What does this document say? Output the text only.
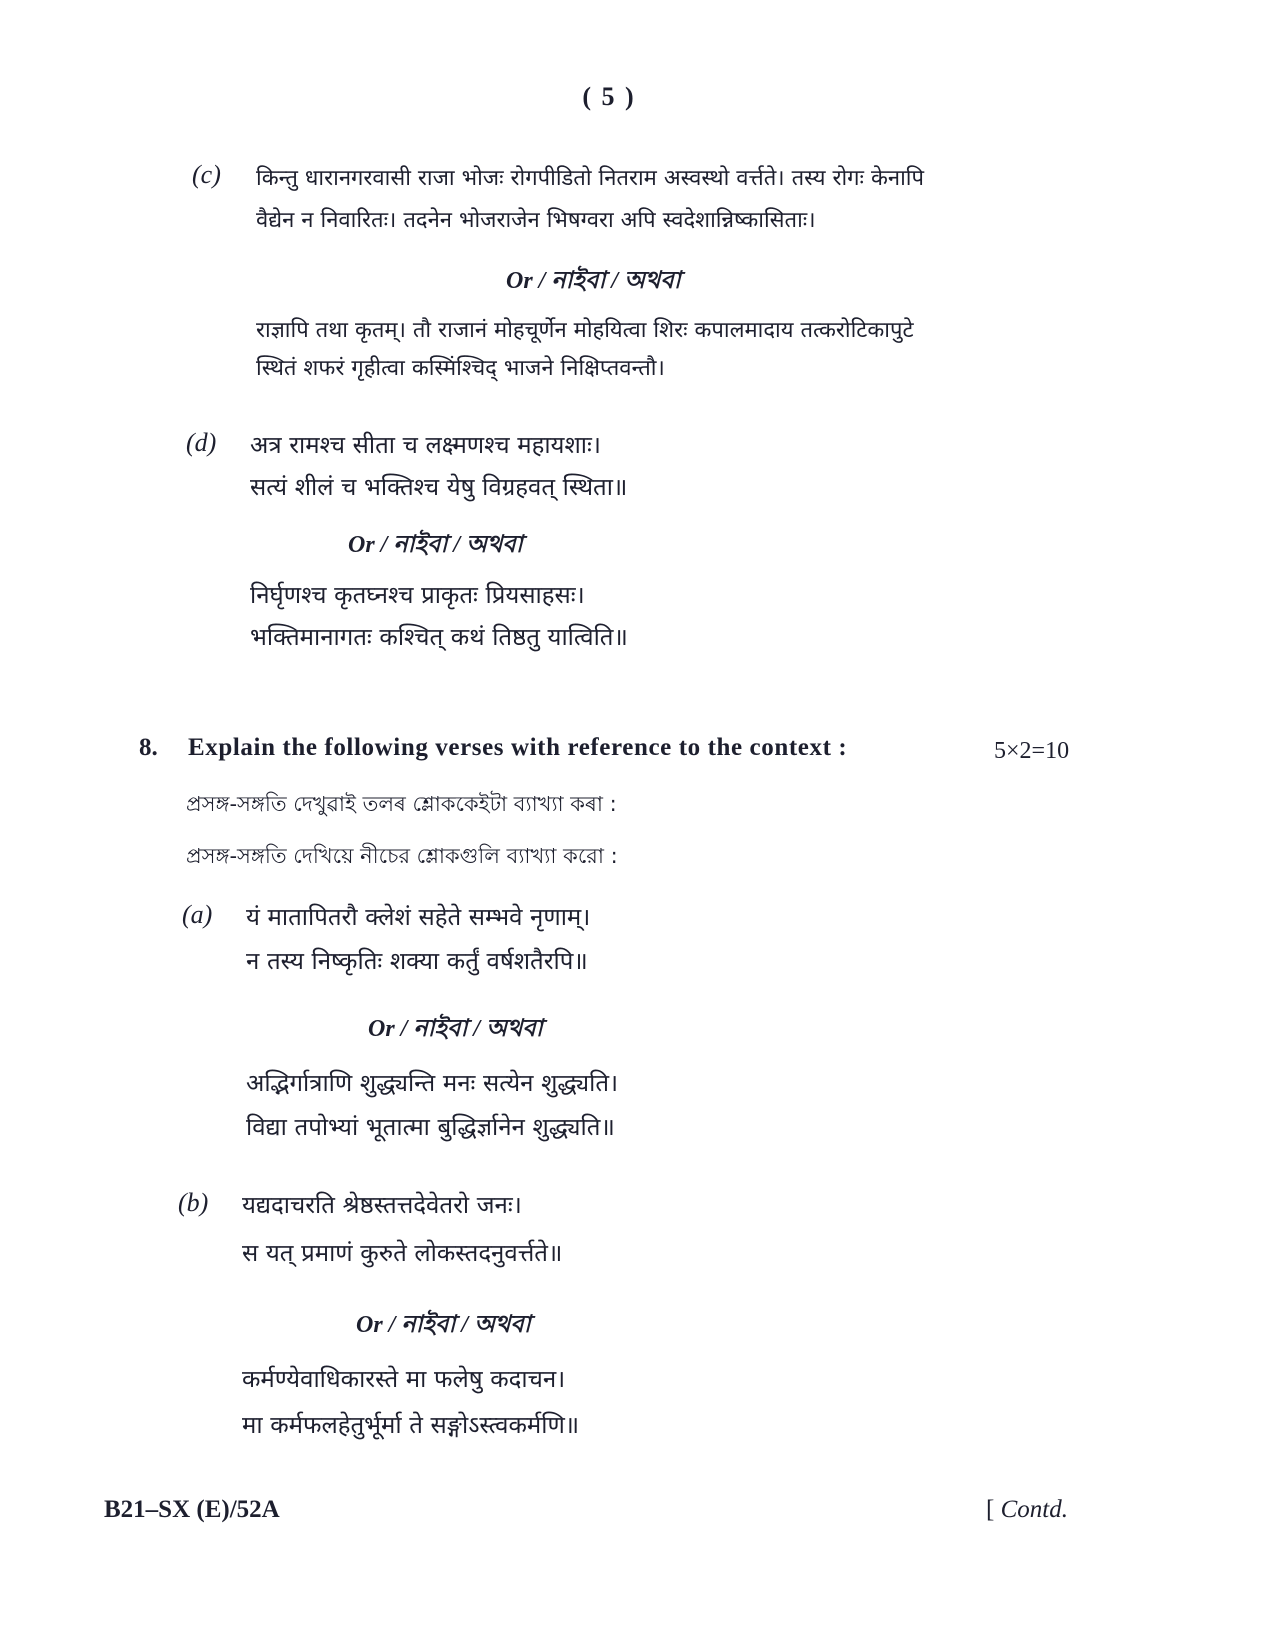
( 5 )
(c) किन्तु धारानगरवासी राजा भोजः रोगपीडितो नितराम अस्वस्थो वर्त्तते। तस्य रोगः केनापि
वैद्येन न निवारितः। तदनेन भोजराजेन भिषग्वरा अपि स्वदेशान्निष्कासिताः।
Or / নাইবা / অথবা
राज्ञापि तथा कृतम्। तौ राजानं मोहचूर्णेन मोहयित्वा शिरः कपालमादाय तत्करोटिकापुटे
स्थितं शफरं गृहीत्वा कस्मिंश्चिद् भाजने निक्षिप्तवन्तौ।
(d) अत्र रामश्च सीता च लक्ष्मणश्च महायशाः।
सत्यं शीलं च भक्तिश्च येषु विग्रहवत् स्थिता॥
Or / নাইবা / অথবা
निर्घृणश्च कृतघ्नश्च प्राकृतः प्रियसाहसः।
भक्तिमानागतः कश्चित् कथं तिष्ठतु यात्विति॥
8. Explain the following verses with reference to the context :	5×2=10
প্ৰসঙ্গ-সঙ্গতি দেখুৱাই তলৰ শ্লোককেইটা ব্যাখ্যা কৰা :
প্রসঙ্গ-সঙ্গতি দেখিয়ে নীচের শ্লোকগুলি ব্যাখ্যা করো :
(a) यं मातापितरौ क्लेशं सहेते सम्भवे नृणाम्।
न तस्य निष्कृतिः शक्या कर्तुं वर्षशतैरपि॥
Or / নাইবা / অথবা
अद्भिर्गात्राणि शुद्ध्यन्ति मनः सत्येन शुद्ध्यति।
विद्या तपोभ्यां भूतात्मा बुद्धिर्ज्ञानेन शुद्ध्यति॥
(b) यद्यदाचरति श्रेष्ठस्तत्तदेवेतरो जनः।
स यत् प्रमाणं कुरुते लोकस्तदनुवर्त्तते॥
Or / নাইবা / অথবা
कर्मण्येवाधिकारस्ते मा फलेषु कदाचन।
मा कर्मफलहेतुर्भूर्मा ते सङ्गोऽस्त्वकर्मणि॥
B21–SX (E)/52A	[ Contd.
